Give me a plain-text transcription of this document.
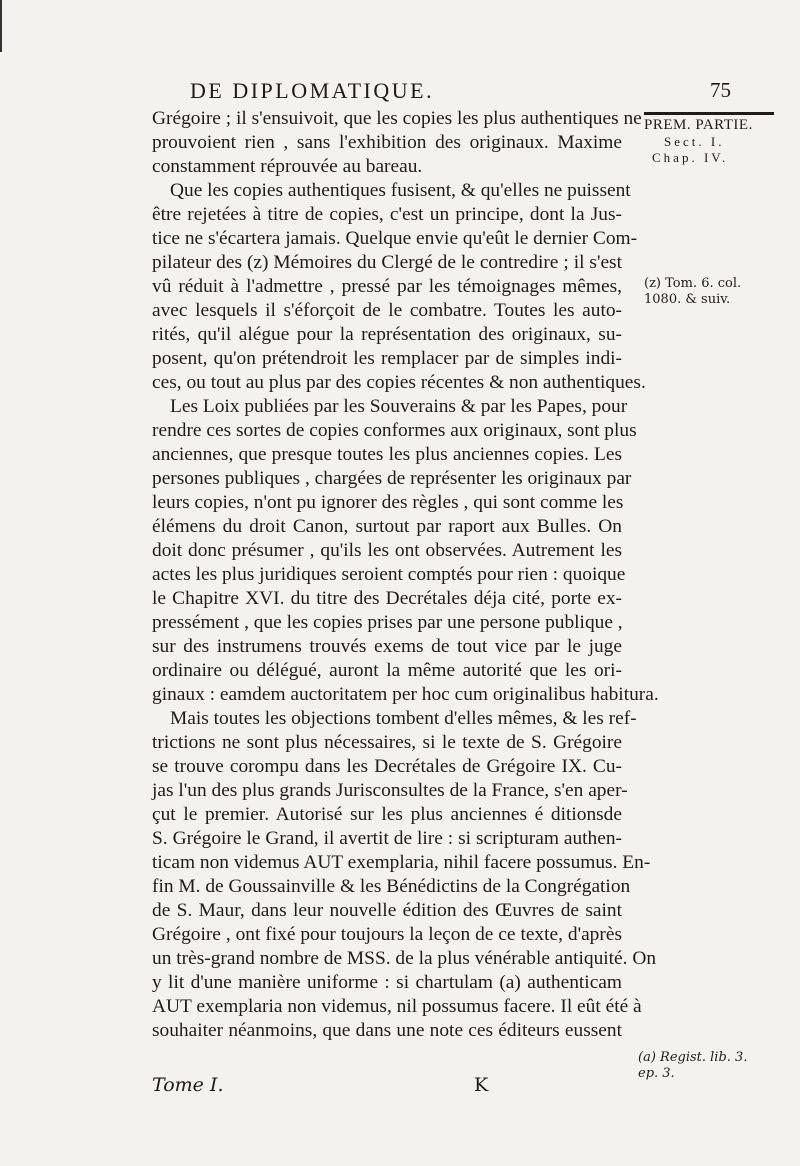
DE DIPLOMATIQUE.	75
PREM. PARTIE.
Sect. I.
Chap. IV.
(z) Tom. 6. col.
1080. & suiv.
Grégoire ; il s'ensuivoit, que les copies les plus authentiques ne
prouvoient rien , sans l'exhibition des originaux. Maxime
constamment réprouvée au bareau.
Que les copies authentiques fusisent, & qu'elles ne puissent
être rejetées à titre de copies, c'est un principe, dont la Jus-
tice ne s'écartera jamais. Quelque envie qu'eût le dernier Com-
pilateur des (z) Mémoires du Clergé de le contredire ; il s'est
vû réduit à l'admettre , pressé par les témoignages mêmes,
avec lesquels il s'éforçoit de le combatre. Toutes les auto-
rités, qu'il alégue pour la représentation des originaux, su-
posent, qu'on prétendroit les remplacer par de simples indi-
ces, ou tout au plus par des copies récentes & non authentiques.
Les Loix publiées par les Souverains & par les Papes, pour
rendre ces sortes de copies conformes aux originaux, sont plus
anciennes, que presque toutes les plus anciennes copies. Les
persones publiques , chargées de représenter les originaux par
leurs copies, n'ont pu ignorer des règles , qui sont comme les
élémens du droit Canon, surtout par raport aux Bulles. On
doit donc présumer , qu'ils les ont observées. Autrement les
actes les plus juridiques seroient comptés pour rien : quoique
le Chapitre XVI. du titre des Decrétales déja cité, porte ex-
pressément , que les copies prises par une persone publique ,
sur des instrumens trouvés exems de tout vice par le juge
ordinaire ou délégué, auront la même autorité que les ori-
ginaux : eamdem auctoritatem per hoc cum originalibus habitura.
Mais toutes les objections tombent d'elles mêmes, & les ref-
trictions ne sont plus nécessaires, si le texte de S. Grégoire
se trouve corompu dans les Decrétales de Grégoire IX. Cu-
jas l'un des plus grands Jurisconsultes de la France, s'en aper-
çut le premier. Autorisé sur les plus anciennes é ditionsde
S. Grégoire le Grand, il avertit de lire : si scripturam authen-
ticam non videmus AUT exemplaria, nihil facere possumus. En-
fin M. de Goussainville & les Bénédictins de la Congrégation
de S. Maur, dans leur nouvelle édition des Œuvres de saint
Grégoire , ont fixé pour toujours la leçon de ce texte, d'après
un très-grand nombre de MSS. de la plus vénérable antiquité. On
y lit d'une manière uniforme : si chartulam (a) authenticam
AUT exemplaria non videmus, nil possumus facere. Il eût été à
souhaiter néanmoins, que dans une note ces éditeurs eussent
(a) Regist. lib. 3.
ep. 3.
Tome I.	K
